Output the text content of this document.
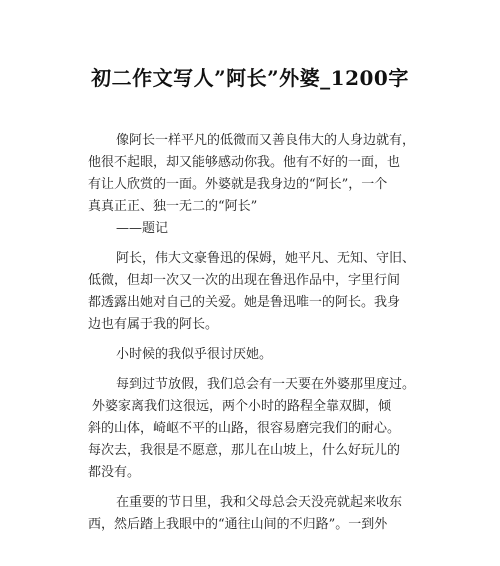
初二作文写人”阿长”外婆_1200字
像阿长一样平凡的低微而又善良伟大的人身边就有，
他很不起眼，却又能够感动你我。他有不好的一面，也
有让人欣赏的一面。外婆就是我身边的“阿长”，一个
真真正正、独一无二的“阿长”
——题记
阿长，伟大文豪鲁迅的保姆，她平凡、无知、守旧、
低微，但却一次又一次的出现在鲁迅作品中，字里行间
都透露出她对自己的关爱。她是鲁迅唯一的阿长。我身
边也有属于我的阿长。
小时候的我似乎很讨厌她。
每到过节放假，我们总会有一天要在外婆那里度过。
外婆家离我们这很远，两个小时的路程全靠双脚，倾
斜的山体，崎岖不平的山路，很容易磨完我们的耐心。
每次去，我很是不愿意，那儿在山坡上，什么好玩儿的
都没有。
在重要的节日里，我和父母总会天没亮就起来收东
西，然后踏上我眼中的“通往山间的不归路”。一到外
